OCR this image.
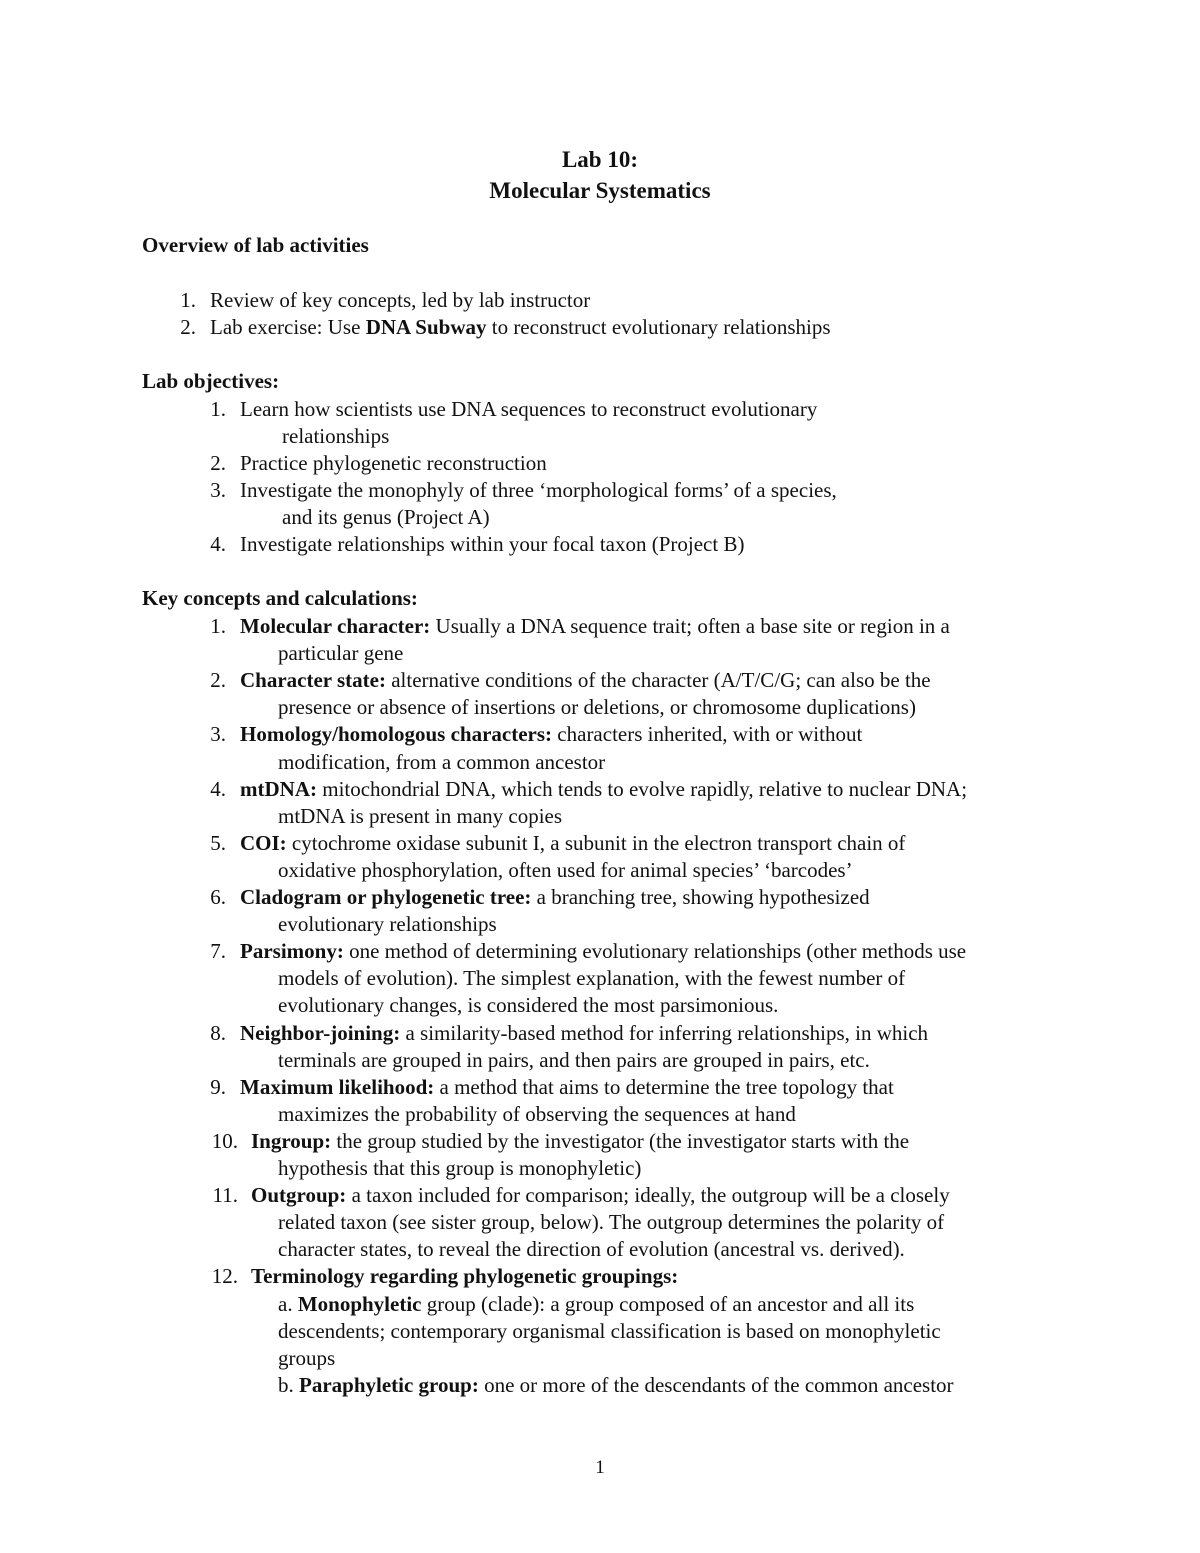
Lab 10:
Molecular Systematics
Overview of lab activities
1. Review of key concepts, led by lab instructor
2. Lab exercise: Use DNA Subway to reconstruct evolutionary relationships
Lab objectives:
1. Learn how scientists use DNA sequences to reconstruct evolutionary
relationships
2. Practice phylogenetic reconstruction
3. Investigate the monophyly of three ‘morphological forms’ of a species,
and its genus (Project A)
4. Investigate relationships within your focal taxon (Project B)
Key concepts and calculations:
1. Molecular character: Usually a DNA sequence trait; often a base site or region in a
particular gene
2. Character state: alternative conditions of the character (A/T/C/G; can also be the
presence or absence of insertions or deletions, or chromosome duplications)
3. Homology/homologous characters: characters inherited, with or without
modification, from a common ancestor
4. mtDNA: mitochondrial DNA, which tends to evolve rapidly, relative to nuclear DNA;
mtDNA is present in many copies
5. COI: cytochrome oxidase subunit I, a subunit in the electron transport chain of
oxidative phosphorylation, often used for animal species’ ‘barcodes’
6. Cladogram or phylogenetic tree: a branching tree, showing hypothesized
evolutionary relationships
7. Parsimony: one method of determining evolutionary relationships (other methods use
models of evolution). The simplest explanation, with the fewest number of
evolutionary changes, is considered the most parsimonious.
8. Neighbor-joining: a similarity-based method for inferring relationships, in which
terminals are grouped in pairs, and then pairs are grouped in pairs, etc.
9. Maximum likelihood: a method that aims to determine the tree topology that
maximizes the probability of observing the sequences at hand
10. Ingroup: the group studied by the investigator (the investigator starts with the
hypothesis that this group is monophyletic)
11. Outgroup: a taxon included for comparison; ideally, the outgroup will be a closely
related taxon (see sister group, below). The outgroup determines the polarity of
character states, to reveal the direction of evolution (ancestral vs. derived).
12. Terminology regarding phylogenetic groupings:
a. Monophyletic group (clade): a group composed of an ancestor and all its
descendents; contemporary organismal classification is based on monophyletic
groups
b. Paraphyletic group: one or more of the descendants of the common ancestor
1
